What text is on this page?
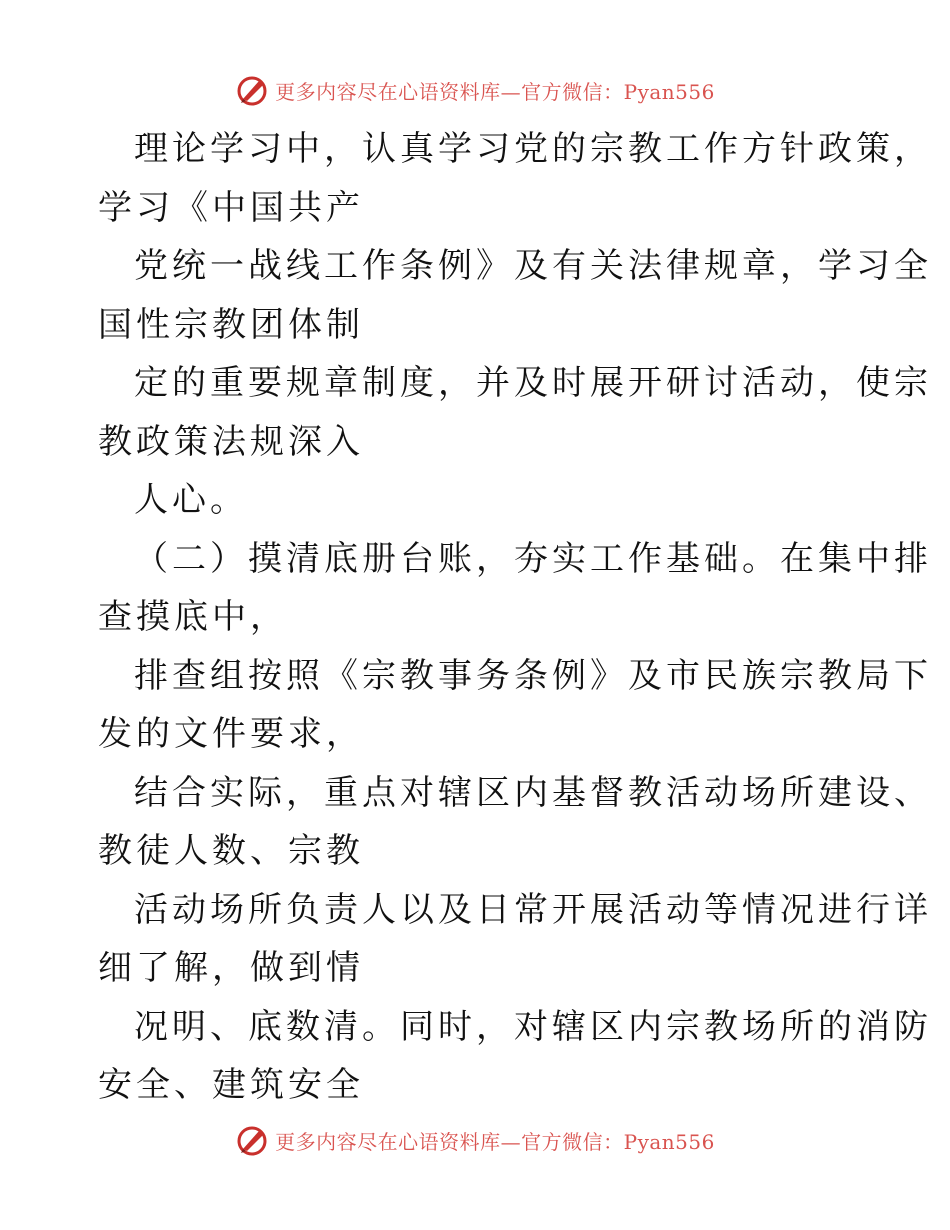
更多内容尽在心语资料库—官方微信：Pyan556
理论学习中，认真学习党的宗教工作方针政策，
学习《中国共产
党统一战线工作条例》及有关法律规章，学习全
国性宗教团体制
定的重要规章制度，并及时展开研讨活动，使宗
教政策法规深入
人心。
（二）摸清底册台账，夯实工作基础。在集中排
查摸底中，
排查组按照《宗教事务条例》及市民族宗教局下
发的文件要求，
结合实际，重点对辖区内基督教活动场所建设、
教徒人数、宗教
活动场所负责人以及日常开展活动等情况进行详
细了解，做到情
况明、底数清。同时，对辖区内宗教场所的消防
安全、建筑安全
更多内容尽在心语资料库—官方微信：Pyan556
